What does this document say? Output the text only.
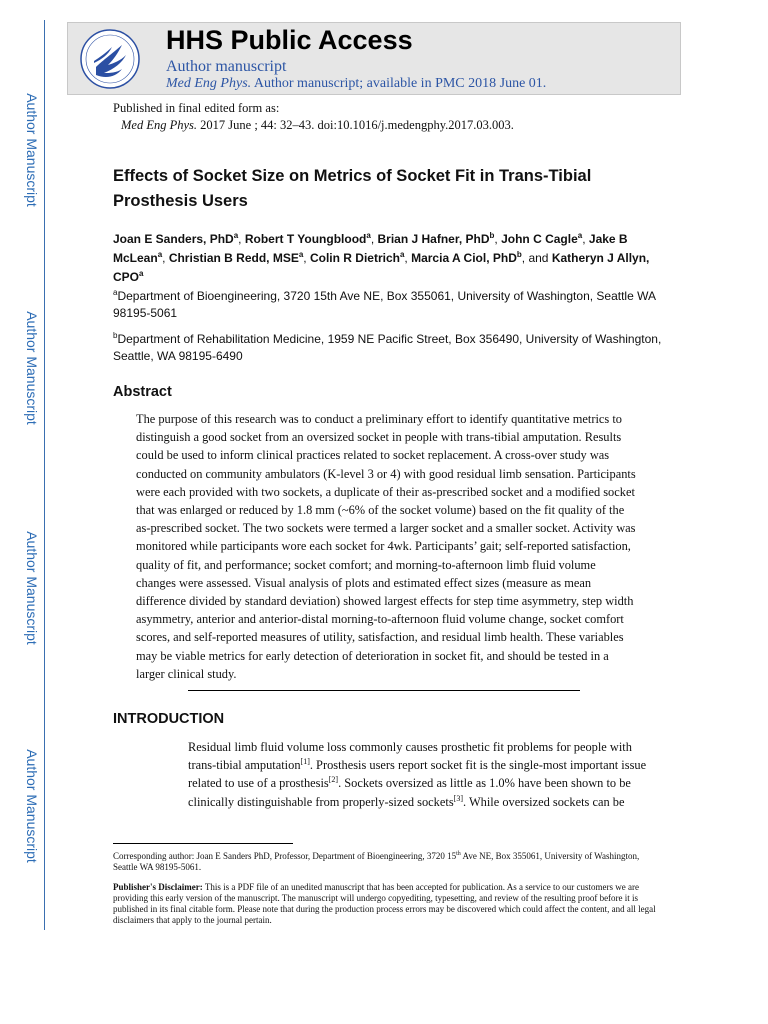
Author Manuscript
Author Manuscript
Author Manuscript
Author Manuscript
HHS Public Access
Author manuscript
Med Eng Phys. Author manuscript; available in PMC 2018 June 01.
Published in final edited form as:
Med Eng Phys. 2017 June ; 44: 32–43. doi:10.1016/j.medengphy.2017.03.003.
Effects of Socket Size on Metrics of Socket Fit in Trans-Tibial Prosthesis Users
Joan E Sanders, PhD$^a$, Robert T Youngblood$^a$, Brian J Hafner, PhD$^b$, John C Cagle$^a$, Jake B McLean$^a$, Christian B Redd, MSE$^a$, Colin R Dietrich$^a$, Marcia A Ciol, PhD$^b$, and Katheryn J Allyn, CPO$^a$
$^a$Department of Bioengineering, 3720 15th Ave NE, Box 355061, University of Washington, Seattle WA 98195-5061
$^b$Department of Rehabilitation Medicine, 1959 NE Pacific Street, Box 356490, University of Washington, Seattle, WA 98195-6490
Abstract

The purpose of this research was to conduct a preliminary effort to identify quantitative metrics to distinguish a good socket from an oversized socket in people with trans-tibial amputation. Results could be used to inform clinical practices related to socket replacement. A cross-over study was conducted on community ambulators (K-level 3 or 4) with good residual limb sensation. Participants were each provided with two sockets, a duplicate of their as-prescribed socket and a modified socket that was enlarged or reduced by 1.8 mm (~6% of the socket volume) based on the fit quality of the as-prescribed socket. The two sockets were termed a larger socket and a smaller socket. Activity was monitored while participants wore each socket for 4wk. Participants’ gait; self-reported satisfaction, quality of fit, and performance; socket comfort; and morning-to-afternoon limb fluid volume changes were assessed. Visual analysis of plots and estimated effect sizes (measure as mean difference divided by standard deviation) showed largest effects for step time asymmetry, step width asymmetry, anterior and anterior-distal morning-to-afternoon fluid volume change, socket comfort scores, and self-reported measures of utility, satisfaction, and residual limb health. These variables may be viable metrics for early detection of deterioration in socket fit, and should be tested in a larger clinical study.

INTRODUCTION

Residual limb fluid volume loss commonly causes prosthetic fit problems for people with trans-tibial amputation[1]. Prosthesis users report socket fit is the single-most important issue related to use of a prosthesis[2]. Sockets oversized as little as 1.0% have been shown to be clinically distinguishable from properly-sized sockets[3]. While oversized sockets can be

Corresponding author: Joan E Sanders PhD, Professor, Department of Bioengineering, 3720 15th Ave NE, Box 355061, University of Washington, Seattle WA 98195-5061.

Publisher's Disclaimer: This is a PDF file of an unedited manuscript that has been accepted for publication. As a service to our customers we are providing this early version of the manuscript. The manuscript will undergo copyediting, typesetting, and review of the resulting proof before it is published in its final citable form. Please note that during the production process errors may be discovered which could affect the content, and all legal disclaimers that apply to the journal pertain.
